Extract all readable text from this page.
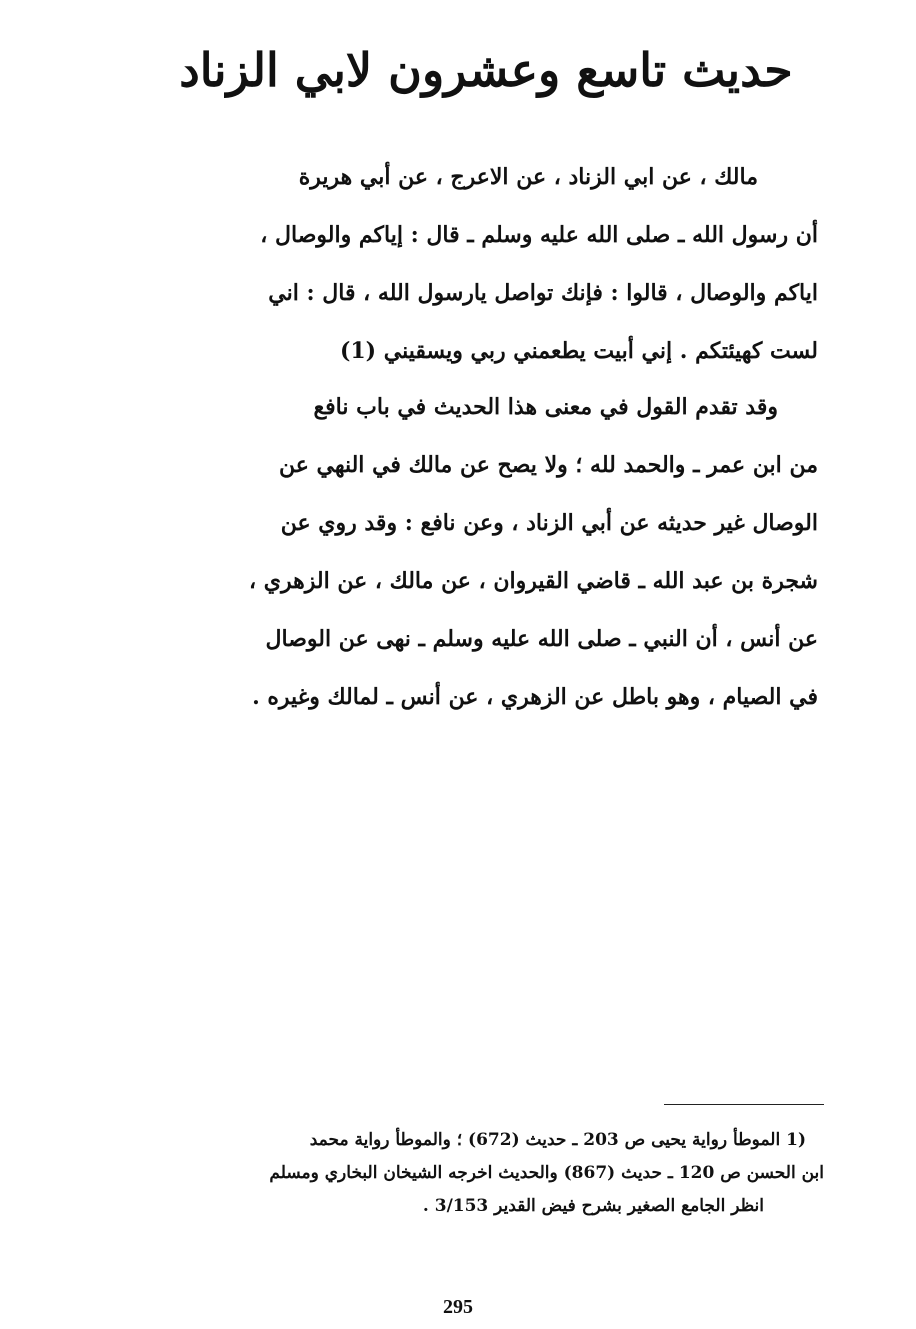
حديث تاسع وعشرون لابي الزناد
مالك ، عن ابي الزناد ، عن الاعرج ، عن أبي هريرة
أن رسول الله ـ صلى الله عليه وسلم ـ قال : إياكم والوصال ،
اياكم والوصال ، قالوا : فإنك تواصل يارسول الله ، قال : اني
لست كهيئتكم . إني أبيت يطعمني ربي ويسقيني (1)
وقد تقدم القول في معنى هذا الحديث في باب نافع
من ابن عمر ـ والحمد لله ؛ ولا يصح عن مالك في النهي عن
الوصال غير حديثه عن أبي الزناد ، وعن نافع : وقد روي عن
شجرة بن عبد الله ـ قاضي القيروان ، عن مالك ، عن الزهري ،
عن أنس ، أن النبي ـ صلى الله عليه وسلم ـ نهى عن الوصال
في الصيام ، وهو باطل عن الزهري ، عن أنس ـ لمالك وغيره .
(1 الموطأ رواية يحيى ص 203 ـ حديث (672) ؛ والموطأ رواية محمد
ابن الحسن ص 120 ـ حديث (867) والحديث اخرجه الشيخان البخاري ومسلم
انظر الجامع الصغير بشرح فيض القدير 3/153 .
295
